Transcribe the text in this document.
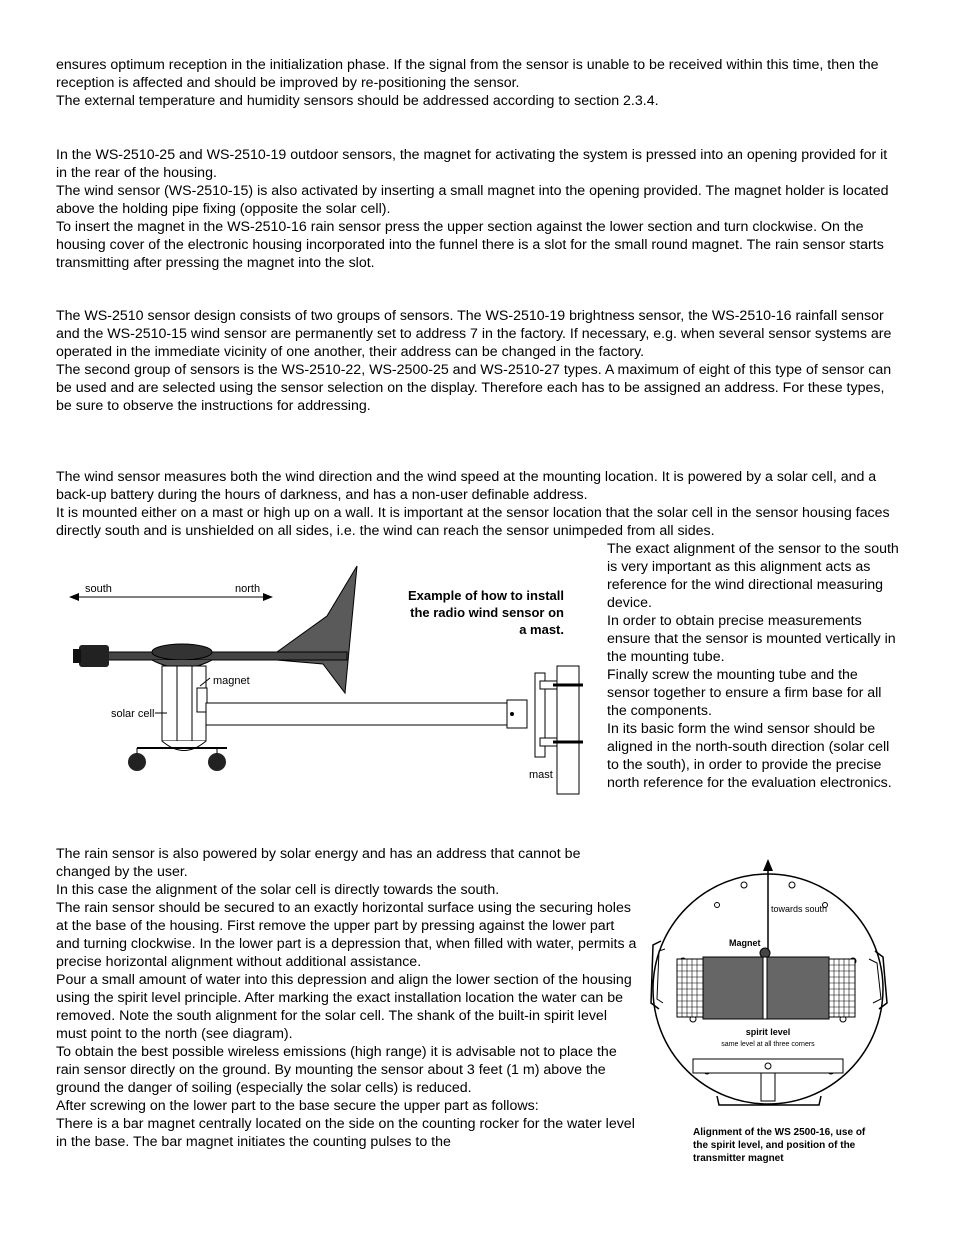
ensures optimum reception in the initialization phase. If the signal from the sensor is unable to be received within this time, then the reception is affected and should be improved by re-positioning the sensor.

The external temperature and humidity sensors should be addressed according to section 2.3.4.

In the WS-2510-25 and WS-2510-19 outdoor sensors, the magnet for activating the system is pressed into an opening provided for it in the rear of the housing.

The wind sensor (WS-2510-15) is also activated by inserting a small magnet into the opening provided. The magnet holder is located above the holding pipe fixing (opposite the solar cell).

To insert the magnet in the WS-2510-16 rain sensor press the upper section against the lower section and turn clockwise. On the housing cover of the electronic housing incorporated into the funnel there is a slot for the small round magnet. The rain sensor starts transmitting after pressing the magnet into the slot.

The WS-2510 sensor design consists of two groups of sensors. The WS-2510-19 brightness sensor, the WS-2510-16 rainfall sensor and the WS-2510-15 wind sensor are permanently set to address 7 in the factory. If necessary, e.g. when several sensor systems are operated in the immediate vicinity of one another, their address can be changed in the factory.

The second group of sensors is the WS-2510-22, WS-2500-25 and WS-2510-27 types. A maximum of eight of this type of sensor can be used and are selected using the sensor selection on the display. Therefore each has to be assigned an address. For these types, be sure to observe the instructions for addressing.

The wind sensor measures both the wind direction and the wind speed at the mounting location. It is powered by a solar cell, and a back-up battery during the hours of darkness, and has a non-user definable address.

It is mounted either on a mast or high up on a wall. It is important at the sensor location that the solar cell in the sensor housing faces directly south and is unshielded on all sides, i.e. the wind can reach the sensor unimpeded from all sides.

south	north	Example of how to install
the radio wind sensor on
a mast.
magnet
solar cell
mast

The exact alignment of the sensor to the south is very important as this alignment acts as reference for the wind directional measuring device.

In order to obtain precise measurements ensure that the sensor is mounted vertically in the mounting tube.

Finally screw the mounting tube and the sensor together to ensure a firm base for all the components.

In its basic form the wind sensor should be aligned in the north-south direction (solar cell to the south), in order to provide the precise north reference for the evaluation electronics.

The rain sensor is also powered by solar energy and has an address that cannot be changed by the user.

In this case the alignment of the solar cell is directly towards the south.

The rain sensor should be secured to an exactly horizontal surface using the securing holes at the base of the housing. First remove the upper part by pressing against the lower part and turning clockwise. In the lower part is a depression that, when filled with water, permits a precise horizontal alignment without additional assistance.

Pour a small amount of water into this depression and align the lower section of the housing using the spirit level principle. After marking the exact installation location the water can be removed. Note the south alignment for the solar cell. The shank of the built-in spirit level must point to the north (see diagram).

To obtain the best possible wireless emissions (high range) it is advisable not to place the rain sensor directly on the ground. By mounting the sensor about 3 feet (1 m) above the ground the danger of soiling (especially the solar cells) is reduced.

After screwing on the lower part to the base secure the upper part as follows:

There is a bar magnet centrally located on the side on the counting rocker for the water level in the base. The bar magnet initiates the counting pulses to the

towards south
Magnet
spirit level
same level at all three corners
Alignment of the WS 2500-16, use of
the spirit level, and position of the
transmitter magnet
